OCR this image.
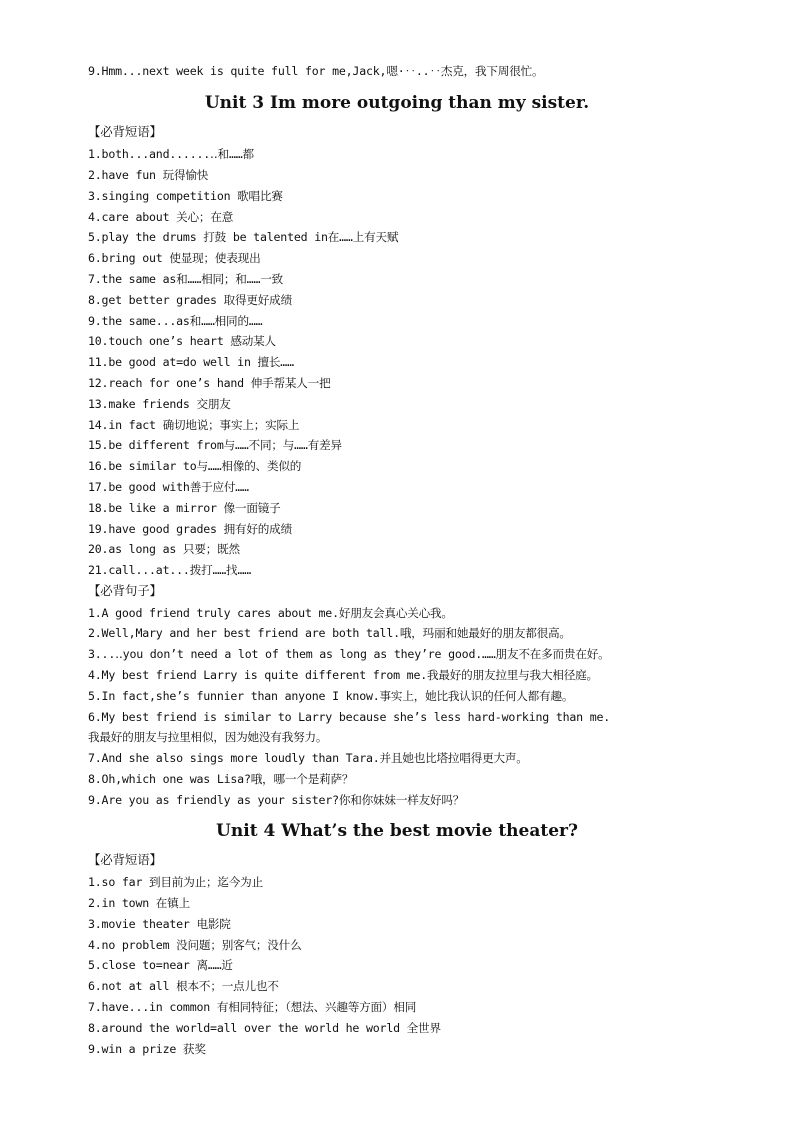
9.Hmm...next week is quite full for me,Jack,嗯·‥..‥杰克，我下周很忙。
Unit 3 Im more outgoing than my sister.
【必背短语】
1.both...and......‥和……都
2.have fun 玩得愉快
3.singing competition 歌唱比赛
4.care about 关心；在意
5.play the drums 打鼓 be talented in在……上有天赋
6.bring out 使显现；使表现出
7.the same as和……相同；和……一致
8.get better grades 取得更好成绩
9.the same...as和……相同的……
10.touch one’s heart 感动某人
11.be good at=do well in 擅长……
12.reach for one’s hand 伸手帮某人一把
13.make friends 交朋友
14.in fact 确切地说；事实上；实际上
15.be different from与……不同；与……有差异
16.be similar to与……相像的、类似的
17.be good with善于应付……
18.be like a mirror 像一面镜子
19.have good grades 拥有好的成绩
20.as long as 只要；既然
21.call...at...拨打……找……
【必背句子】
1.A good friend truly cares about me.好朋友会真心关心我。
2.Well,Mary and her best friend are both tall.哦，玛丽和她最好的朋友都很高。
3...‥you don’t need a lot of them as long as they’re good.……朋友不在多而贵在好。
4.My best friend Larry is quite different from me.我最好的朋友拉里与我大相径庭。
5.In fact,she’s funnier than anyone I know.事实上，她比我认识的任何人都有趣。
6.My best friend is similar to Larry because she’s less hard-working than me.
我最好的朋友与拉里相似，因为她没有我努力。
7.And she also sings more loudly than Tara.并且她也比塔拉唱得更大声。
8.Oh,which one was Lisa?哦，哪一个是莉萨？
9.Are you as friendly as your sister?你和你妹妹一样友好吗？
Unit 4 What’s the best movie theater?
【必背短语】
1.so far 到目前为止；迄今为止
2.in town 在镇上
3.movie theater 电影院
4.no problem 没问题；别客气；没什么
5.close to=near 离……近
6.not at all 根本不；一点儿也不
7.have...in common 有相同特征；（想法、兴趣等方面）相同
8.around the world=all over the world he world 全世界
9.win a prize 获奖
